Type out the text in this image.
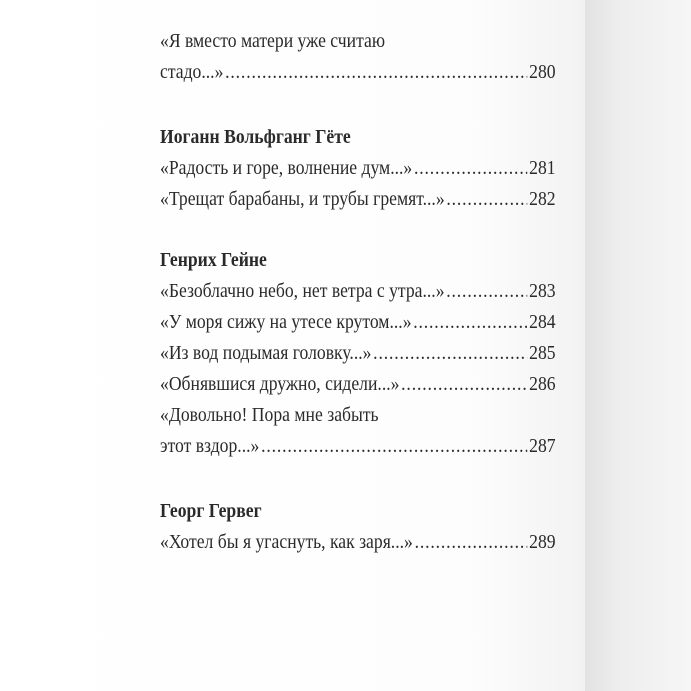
«Я вместо матери уже считаю
стадо...» .....	280
Иоганн Вольфганг Гёте
«Радость и горе, волнение дум...» .....	281
«Трещат барабаны, и трубы гремят...» .....	282
Генрих Гейне
«Безоблачно небо, нет ветра с утра...» .....	283
«У моря сижу на утесе крутом...» .....	284
«Из вод подымая головку...» .....	285
«Обнявшися дружно, сидели...» .....	286
«Довольно! Пора мне забыть
этот вздор...» .....	287
Георг Гервег
«Хотел бы я угаснуть, как заря...» .....	289
